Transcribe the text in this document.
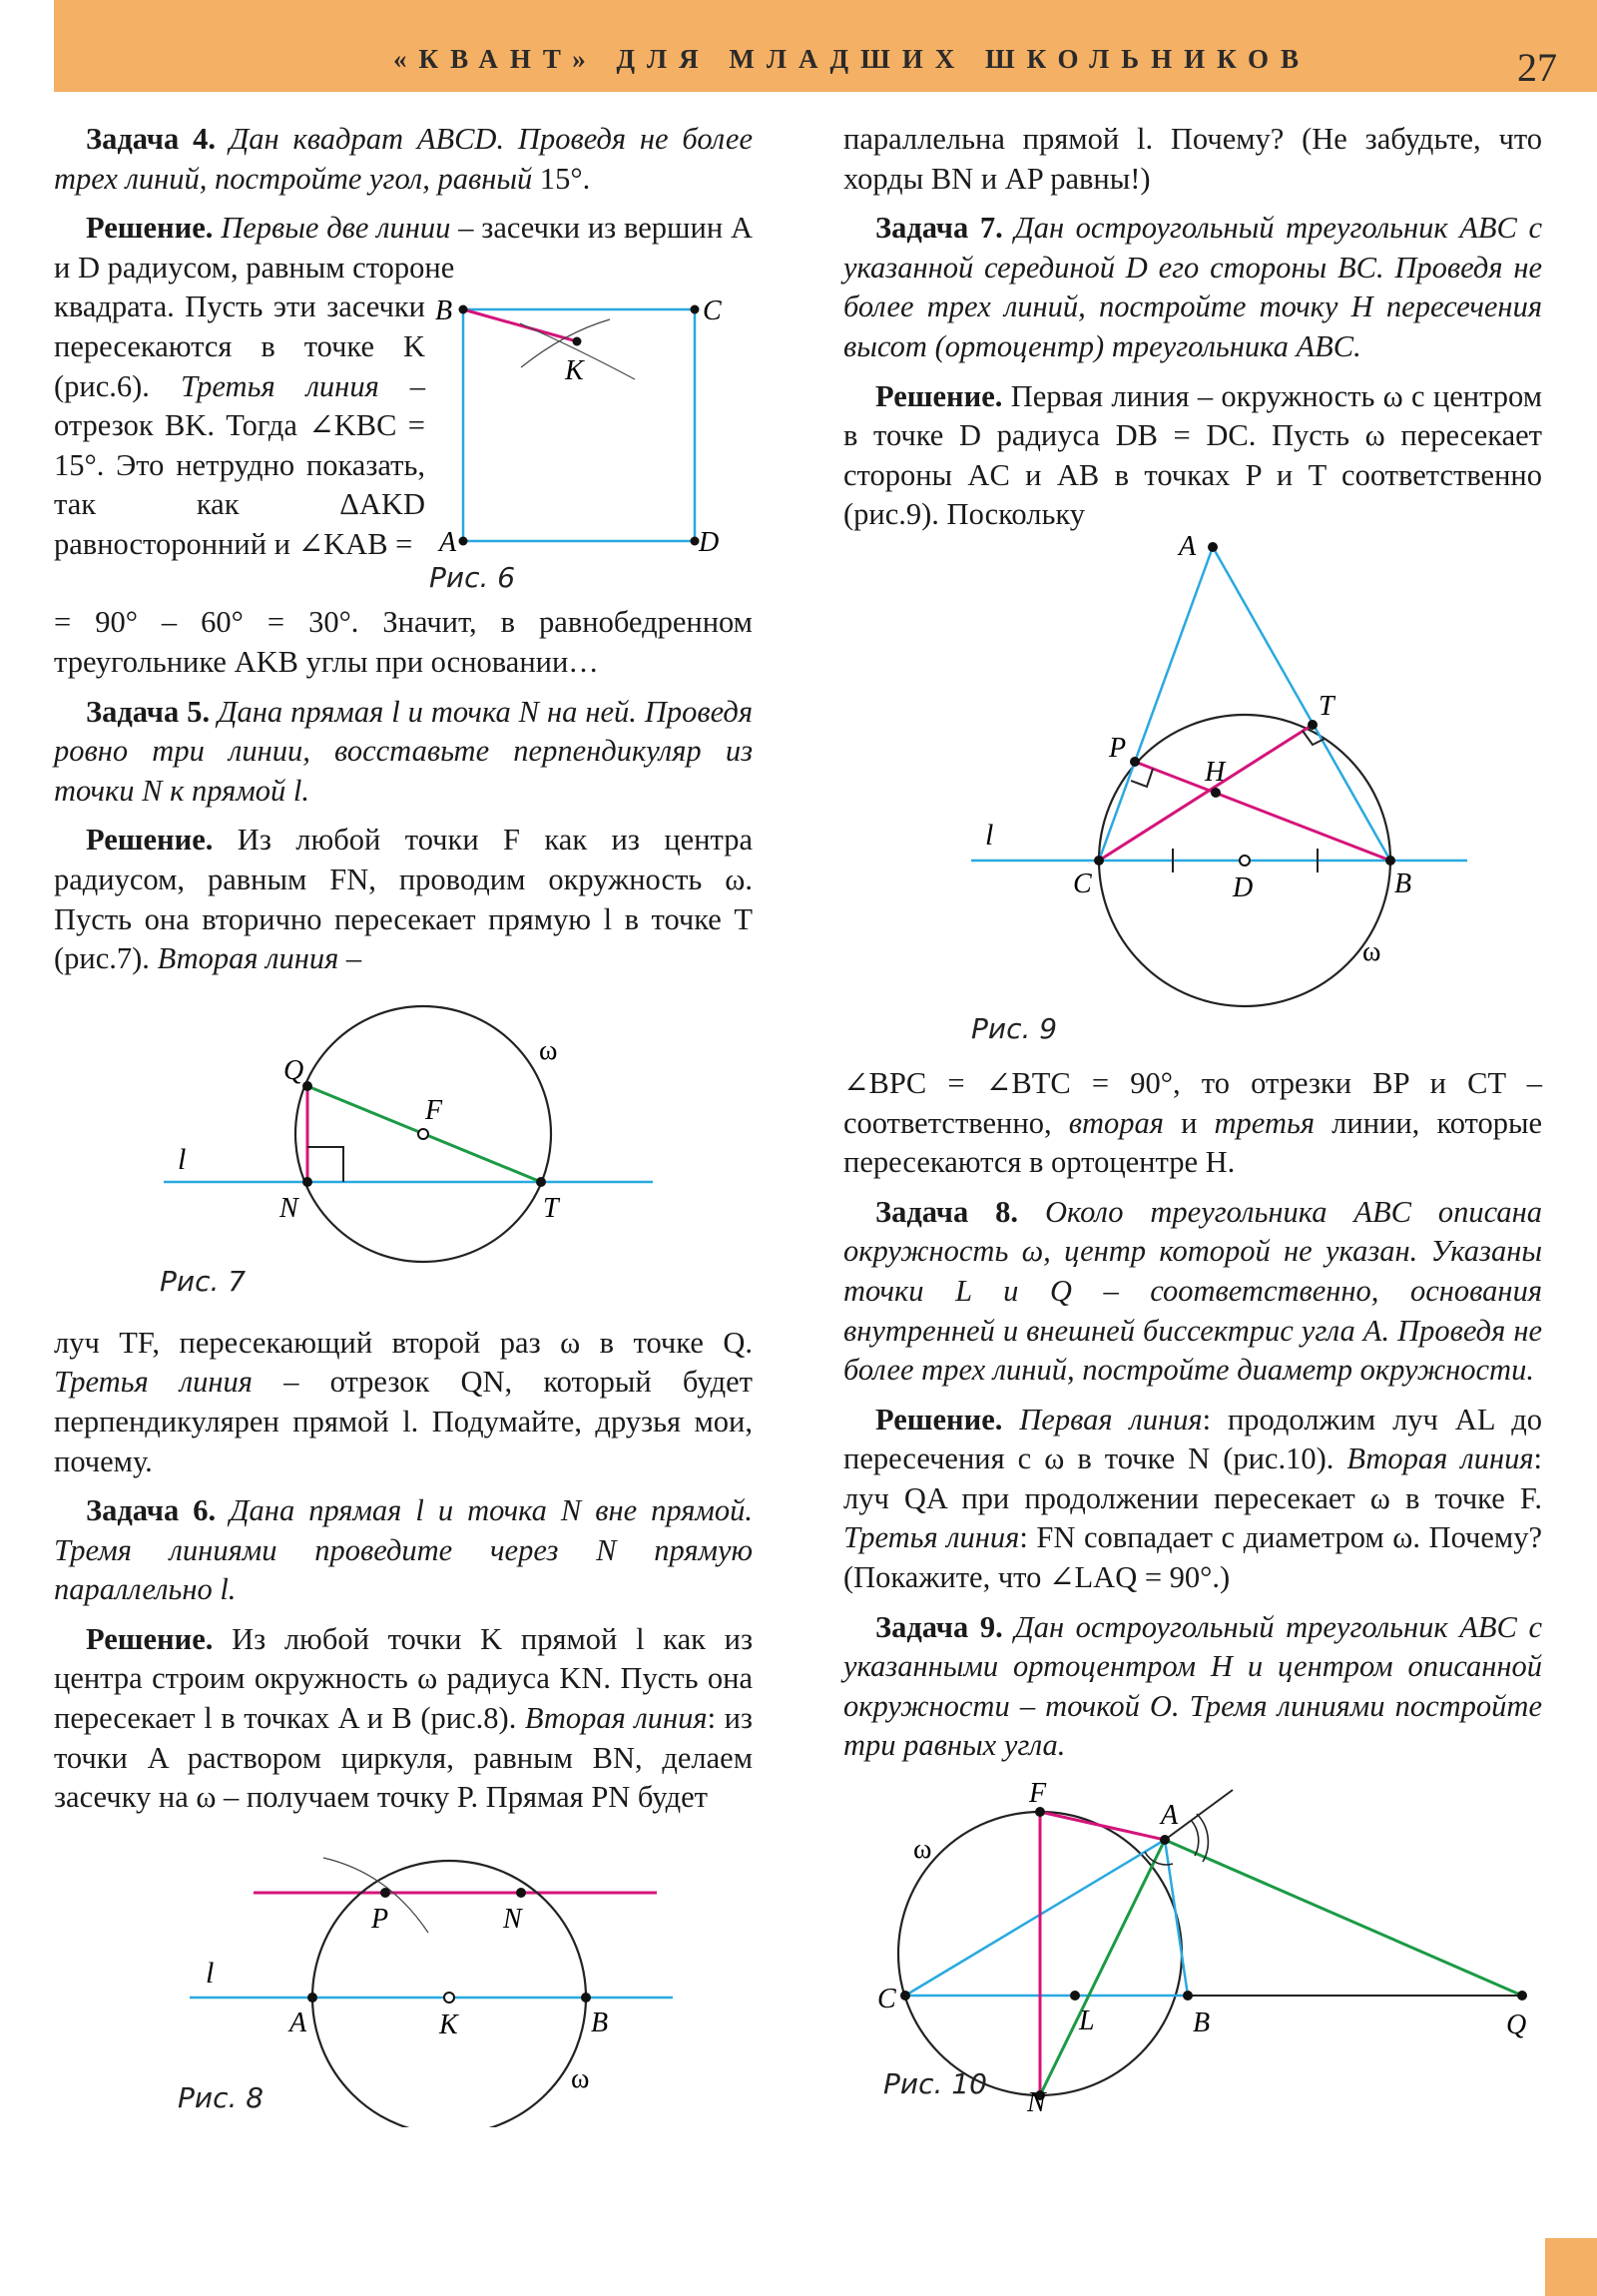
«КВАНТ» ДЛЯ МЛАДШИХ ШКОЛЬНИКОВ	27

Задача 4. Дан квадрат ABCD. Проведя не более трех линий, постройте угол, равный 15°.

Решение. Первые две линии – засечки из вершин A и D радиусом, равным стороне

квадрата. Пусть эти засечки пересекаются в точке K (рис.6). Третья линия – отрезок BK. Тогда ∠KBC = 15°. Это нетрудно показать, так как ΔAKD равносторонний и ∠KAB =
B	C
K
A	D
Рис. 6

= 90° – 60° = 30°. Значит, в равнобедренном треугольнике AKB углы при основании…

Задача 5. Дана прямая l и точка N на ней. Проведя ровно три линии, восставьте перпендикуляр из точки N к прямой l.

Решение. Из любой точки F как из центра радиусом, равным FN, проводим окружность ω. Пусть она вторично пересекает прямую l в точке T (рис.7). Вторая линия –

Q
ω
F
l
N	T
Рис. 7

луч TF, пересекающий второй раз ω в точке Q. Третья линия – отрезок QN, который будет перпендикулярен прямой l. Подумайте, друзья мои, почему.

Задача 6. Дана прямая l и точка N вне прямой. Тремя линиями проведите через N прямую параллельно l.

Решение. Из любой точки K прямой l как из центра строим окружность ω радиуса KN. Пусть она пересекает l в точках A и B (рис.8). Вторая линия: из точки A раствором циркуля, равным BN, делаем засечку на ω – получаем точку P. Прямая PN будет

P	N
l
A	K	B
ω
Рис. 8

параллельна прямой l. Почему? (Не забудьте, что хорды BN и AP равны!)

Задача 7. Дан остроугольный треугольник ABC с указанной серединой D его стороны BC. Проведя не более трех линий, постройте точку H пересечения высот (ортоцентр) треугольника ABC.

Решение. Первая линия – окружность ω с центром в точке D радиуса DB = DC. Пусть ω пересекает стороны AC и AB в точках P и T соответственно (рис.9). Поскольку

A
T
P
H
l
C	D	B
ω
Рис. 9

∠BPC = ∠BTC = 90°, то отрезки BP и CT – соответственно, вторая и третья линии, которые пересекаются в ортоцентре H.

Задача 8. Около треугольника ABC описана окружность ω, центр которой не указан. Указаны точки L и Q – соответственно, основания внутренней и внешней биссектрис угла A. Проведя не более трех линий, постройте диаметр окружности.

Решение. Первая линия: продолжим луч AL до пересечения с ω в точке N (рис.10). Вторая линия: луч QA при продолжении пересекает ω в точке F. Третья линия: FN совпадает с диаметром ω. Почему? (Покажите, что ∠LAQ = 90°.)

Задача 9. Дан остроугольный треугольник ABC с указанными ортоцентром H и центром описанной окружности – точкой O. Тремя линиями постройте три равных угла.

F
A
ω
C
L	B	Q
N
Рис. 10
